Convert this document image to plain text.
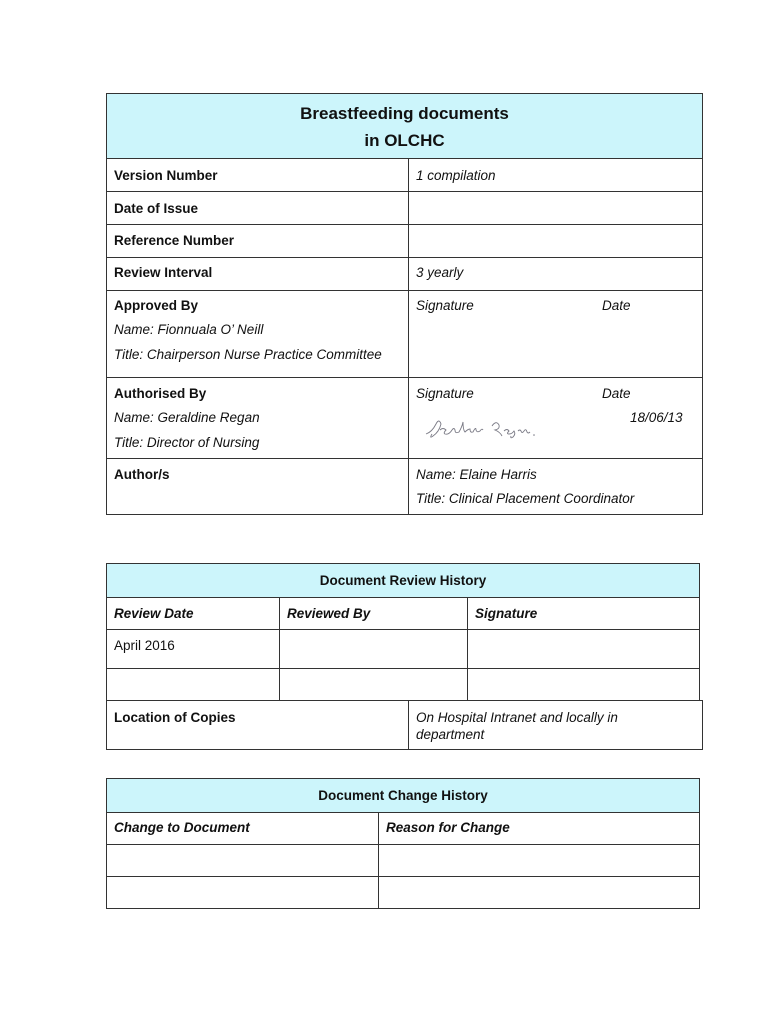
Breastfeeding documents
in OLCHC
Version Number	1 compilation
Date of Issue
Reference Number
Review Interval	3 yearly
Approved By
Name: Fionnuala O’ Neill
Title: Chairperson Nurse Practice Committee
Signature	Date
Authorised By
Name: Geraldine Regan
Title: Director of Nursing
Signature	Date
18/06/13
Author/s	Name: Elaine Harris
Title: Clinical Placement Coordinator
Document Review History
Review Date	Reviewed By	Signature
April 2016
Location of Copies	On Hospital Intranet and locally in
department
Document Change History
Change to Document	Reason for Change
